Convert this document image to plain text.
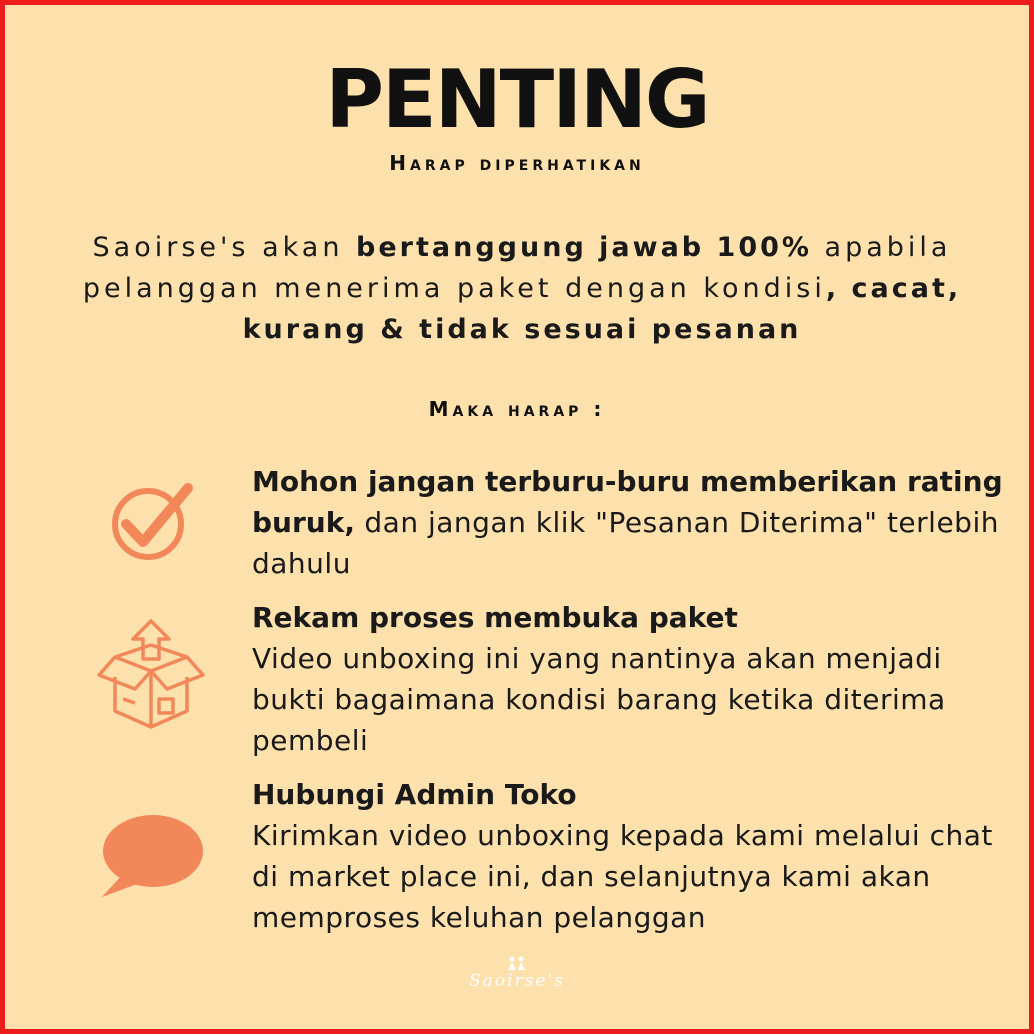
PENTING
Harap diperhatikan
Saoirse's akan bertanggung jawab 100% apabila pelanggan menerima paket dengan kondisi, cacat, kurang & tidak sesuai pesanan
Maka harap :
Mohon jangan terburu-buru memberikan rating buruk, dan jangan klik "Pesanan Diterima" terlebih dahulu
Rekam proses membuka paket
Video unboxing ini yang nantinya akan menjadi bukti bagaimana kondisi barang ketika diterima pembeli
Hubungi Admin Toko
Kirimkan video unboxing kepada kami melalui chat di market place ini, dan selanjutnya kami akan memproses keluhan pelanggan
Saoirse's
